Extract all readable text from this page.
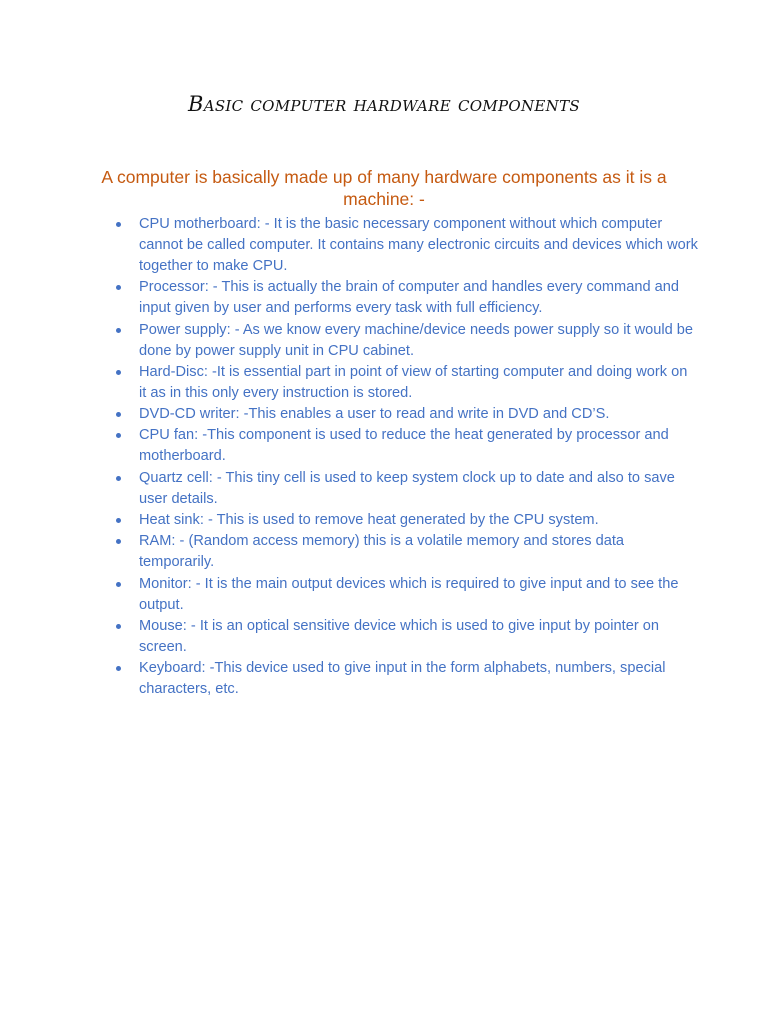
Basic computer hardware components

A computer is basically made up of many hardware components as it is a machine: -

CPU motherboard: - It is the basic necessary component without which computer cannot be called computer. It contains many electronic circuits and devices which work together to make CPU.
Processor: - This is actually the brain of computer and handles every command and input given by user and performs every task with full efficiency.
Power supply: - As we know every machine/device needs power supply so it would be done by power supply unit in CPU cabinet.
Hard-Disc: -It is essential part in point of view of starting computer and doing work on it as in this only every instruction is stored.
DVD-CD writer: -This enables a user to read and write in DVD and CD’S.
CPU fan: -This component is used to reduce the heat generated by processor and motherboard.
Quartz cell: - This tiny cell is used to keep system clock up to date and also to save user details.
Heat sink: - This is used to remove heat generated by the CPU system.
RAM: - (Random access memory) this is a volatile memory and stores data temporarily.
Monitor: - It is the main output devices which is required to give input and to see the output.
Mouse: - It is an optical sensitive device which is used to give input by pointer on screen.
Keyboard: -This device used to give input in the form alphabets, numbers, special characters, etc.
